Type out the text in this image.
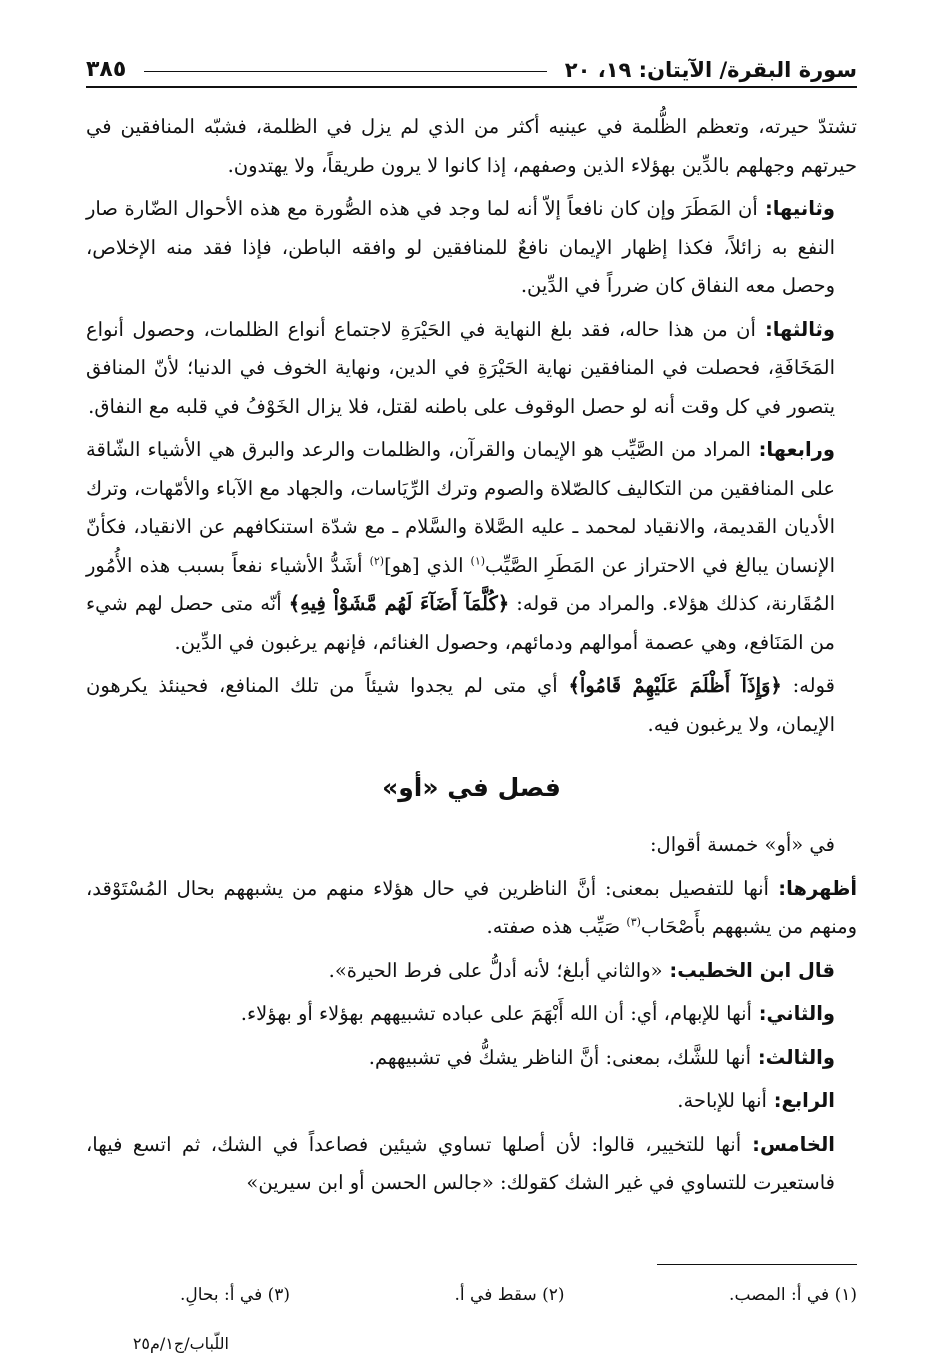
سورة البقرة/ الآيتان: ١٩، ٢٠
٣٨٥

تشتدّ حيرته، وتعظم الظُّلمة في عينيه أكثر من الذي لم يزل في الظلمة، فشبّه المنافقين في حيرتهم وجهلهم بالدِّين بهؤلاء الذين وصفهم، إذا كانوا لا يرون طريقاً، ولا يهتدون.

وثانيها: أن المَطَرَ وإن كان نافعاً إلاّ أنه لما وجد في هذه الصُّورة مع هذه الأحوال الضّارة صار النفع به زائلاً، فكذا إظهار الإيمان نافعٌ للمنافقين لو وافقه الباطن، فإذا فقد منه الإخلاص، وحصل معه النفاق كان ضرراً في الدِّين.

وثالثها: أن من هذا حاله، فقد بلغ النهاية في الحَيْرَةِ لاجتماع أنواع الظلمات، وحصول أنواع المَخَافَةِ، فحصلت في المنافقين نهاية الحَيْرَةِ في الدين، ونهاية الخوف في الدنيا؛ لأنّ المنافق يتصور في كل وقت أنه لو حصل الوقوف على باطنه لقتل، فلا يزال الخَوْفُ في قلبه مع النفاق.

ورابعها: المراد من الصَّيِّب هو الإيمان والقرآن، والظلمات والرعد والبرق هي الأشياء الشّاقة على المنافقين من التكاليف كالصّلاة والصوم وترك الرِّيَاسات، والجهاد مع الآباء والأمّهات، وترك الأديان القديمة، والانقياد لمحمد ـ عليه الصَّلاة والسَّلام ـ مع شدّة استنكافهم عن الانقياد، فكأنّ الإنسان يبالغ في الاحتراز عن المَطَرِ الصَّيِّب$^{(١)}$ الذي [هو]$^{(٢)}$ أشَدُّ الأشياء نفعاً بسبب هذه الأُمُور المُقَارنة، كذلك هؤلاء. والمراد من قوله: ﴿كُلَّمَآ أَضَآءَ لَهُم مَّشَوْاْ فِيهِ﴾ أنّه متى حصل لهم شيء من المَنَافع، وهي عصمة أموالهم ودمائهم، وحصول الغنائم، فإنهم يرغبون في الدِّين.

قوله: ﴿وَإِذَآ أَظْلَمَ عَلَيْهِمْ قَامُواْ﴾ أي متى لم يجدوا شيئاً من تلك المنافع، فحينئذ يكرهون الإيمان، ولا يرغبون فيه.

فصل في «أو»

في «أو» خمسة أقوال:

أظهرها: أنها للتفصيل بمعنى: أنَّ الناظرين في حال هؤلاء منهم من يشبههم بحال المُسْتَوْقد، ومنهم من يشبههم بأَصْحَاب$^{(٣)}$ صَيِّب هذه صفته.

قال ابن الخطيب: «والثاني أبلغ؛ لأنه أدلُّ على فرط الحيرة».

والثاني: أنها للإبهام، أي: أن الله أَبْهَمَ على عباده تشبيههم بهؤلاء أو بهؤلاء.

والثالث: أنها للشَّك، بمعنى: أنَّ الناظر يشكُّ في تشبيههم.

الرابع: أنها للإباحة.

الخامس: أنها للتخيير، قالوا: لأن أصلها تساوي شيئين فصاعداً في الشك، ثم اتسع فيها، فاستعيرت للتساوي في غير الشك كقولك: «جالس الحسن أو ابن سيرين»

(١) في أ: المصب.
(٢) سقط في أ.
(٣) في أ: بحالِ.
اللّباب/ج١/م٢٥
